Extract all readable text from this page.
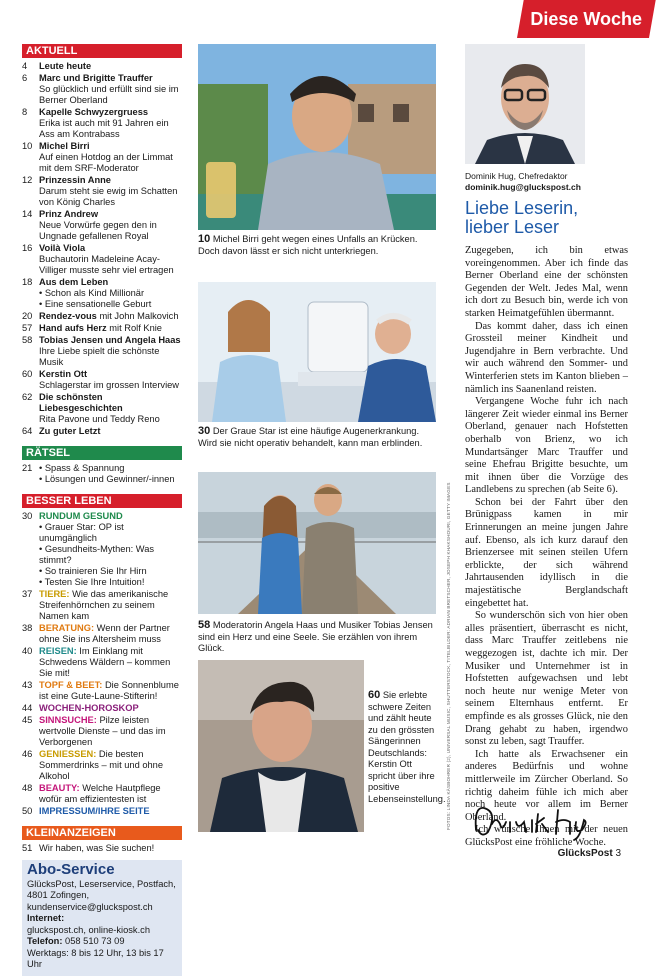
Diese Woche
AKTUELL
4	Leute heute
6	Marc und Brigitte Trauffer
So glücklich und erfüllt sind sie im Berner Oberland
8	Kapelle Schwyzergruess
Erika ist auch mit 91 Jahren ein Ass am Kontrabass
10 Michel Birri
Auf einen Hotdog an der Limmat mit dem SRF-Moderator
12 Prinzessin Anne
Darum steht sie ewig im Schatten von König Charles
14 Prinz Andrew
Neue Vorwürfe gegen den in Ungnade gefallenen Royal
16 Voilà Viola
Buchautorin Madeleine Acay-Villiger musste sehr viel ertragen
18 Aus dem Leben
• Schon als Kind Millionär
• Eine sensationelle Geburt
20 Rendez-vous mit John Malkovich
57 Hand aufs Herz mit Rolf Knie
58 Tobias Jensen und Angela Haas
Ihre Liebe spielt die schönste Musik
60 Kerstin Ott
Schlagerstar im grossen Interview
62 Die schönsten Liebesgeschichten
Rita Pavone und Teddy Reno
64 Zu guter Letzt
RÄTSEL
21 • Spass & Spannung
• Lösungen und Gewinner/-innen
BESSER LEBEN
30 RUNDUM GESUND
• Grauer Star: OP ist unumgänglich
• Gesundheits-Mythen: Was stimmt?
• So trainieren Sie Ihr Hirn
• Testen Sie Ihre Intuition!
37 TIERE: Wie das amerikanische Streifenhörnchen zu seinem Namen kam
38 BERATUNG: Wenn der Partner ohne Sie ins Altersheim muss
40 REISEN: Im Einklang mit Schwedens Wäldern – kommen Sie mit!
43 TOPF & BEET: Die Sonnenblume ist eine Gute-Laune-Stifterin!
44 WOCHEN-HOROSKOP
45 SINNSUCHE: Pilze leisten wertvolle Dienste – und das im Verborgenen
46 GENIESSEN: Die besten Sommerdrinks – mit und ohne Alkohol
48 BEAUTY: Welche Hautpflege wofür am effizientesten ist
50 IMPRESSUM/IHRE SEITE
KLEINANZEIGEN
51 Wir haben, was Sie suchen!
Abo-Service
GlücksPost, Leserservice, Postfach,
4801 Zofingen,
kundenservice@gluckspost.ch
Internet:
gluckspost.ch, online-kiosk.ch
Telefon: 058 510 73 09
Werktags: 8 bis 12 Uhr, 13 bis 17 Uhr
10 Michel Birri geht wegen eines Unfalls an Krücken. Doch davon lässt er sich nicht unterkriegen.
30 Der Graue Star ist eine häufige Augenerkrankung. Wird sie nicht operativ behandelt, kann man erblinden.
58 Moderatorin Angela Haas und Musiker Tobias Jensen sind ein Herz und eine Seele. Sie erzählen von ihrem Glück.
60 Sie erlebte schwere Zeiten und zählt heute zu den grössten Sängerinnen Deutschlands: Kerstin Ott spricht über ihre positive Lebenseinstellung. FOTOS: LINDA KÄSBOHRER (2), UNIVERSAL MUSIC, SHUTTERSTOCK, TITELBILDER: ADRIAN BRETSCHER, JOSEPH KHAKSHOURI, GETTY IMAGES
Dominik Hug, Chefredaktor
dominik.hug@gluckspost.ch
Liebe Leserin,
lieber Leser

Zugegeben, ich bin etwas voreingenommen. Aber ich finde das Berner Oberland eine der schönsten Gegenden der Welt. Jedes Mal, wenn ich dort zu Besuch bin, werde ich von starken Heimatgefühlen übermannt.

Das kommt daher, dass ich einen Grossteil meiner Kindheit und Jugendjahre in Bern verbrachte. Und wir auch während den Sommer- und Winterferien stets im Kanton blieben – nämlich ins Saanenland reisten.

Vergangene Woche fuhr ich nach längerer Zeit wieder einmal ins Berner Oberland, genauer nach Hofstetten oberhalb von Brienz, wo ich Mundartsänger Marc Trauffer und seine Ehefrau Brigitte besuchte, um mit ihnen über die Vorzüge des Landlebens zu sprechen (ab Seite 6).

Schon bei der Fahrt über den Brünigpass kamen in mir Erinnerungen an meine jungen Jahre auf. Ebenso, als ich kurz darauf den Brienzersee mit seinen steilen Ufern erblickte, der sich während Jahrtausenden idyllisch in die majestätische Berglandschaft eingebettet hat.

So wunderschön sich von hier oben alles präsentiert, überrascht es nicht, dass Marc Trauffer zeitlebens nie weggezogen ist, dachte ich mir. Der Musiker und Unternehmer ist in Hofstetten aufgewachsen und lebt noch heute nur wenige Meter von seinem Elternhaus entfernt. Er empfinde es als grosses Glück, nie den Drang gehabt zu haben, irgendwo sonst zu leben, sagt Trauffer.

Ich hatte als Erwachsener ein anderes Bedürfnis und wohne mittlerweile im Zürcher Oberland. So richtig daheim fühle ich mich aber noch heute vor allem im Berner Oberland.

Ich wünsche Ihnen mit der neuen GlücksPost eine fröhliche Woche.

GlücksPost 3
